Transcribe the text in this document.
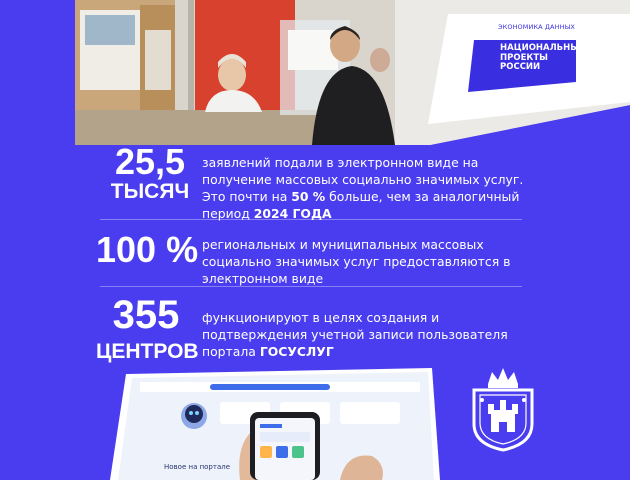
ЭКОНОМИКА ДАННЫХ
НАЦИОНАЛЬНЫЕ ПРОЕКТЫ РОССИИ
25,5
ТЫСЯЧ
заявлений подали в электронном виде на получение массовых социально значимых услуг. Это почти на 50 % больше, чем за аналогичный период 2024 ГОДА
100 % региональных и муниципальных массовых социально значимых услуг предоставляются в электронном виде
355
ЦЕНТРОВ
функционируют в целях создания и подтверждения учетной записи пользователя портала ГОСУСЛУГ
Новое на портале
